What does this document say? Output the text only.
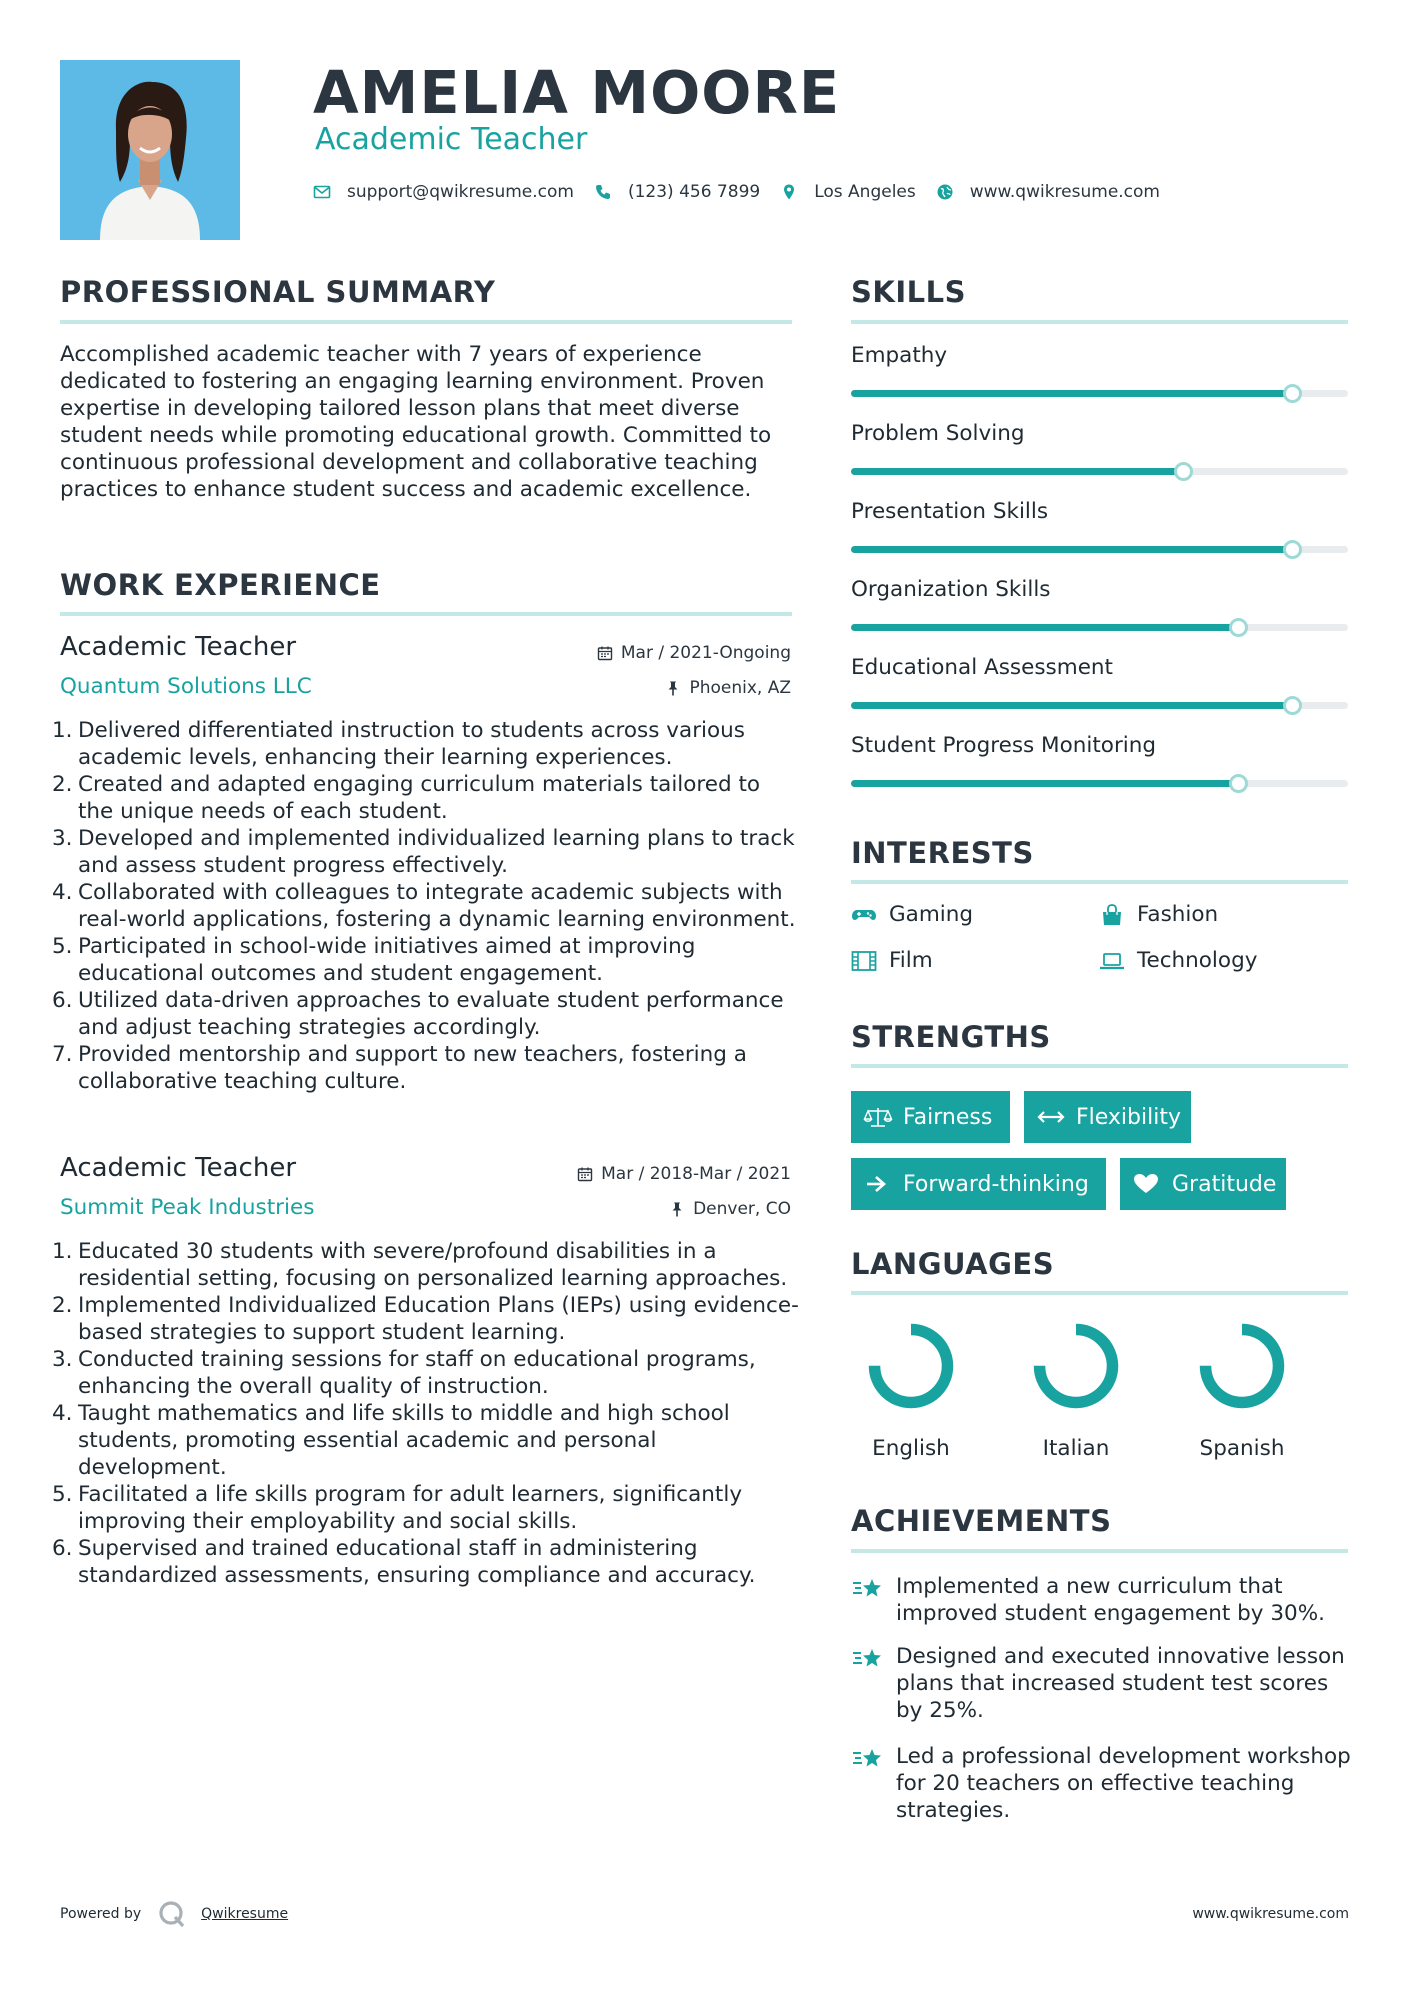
AMELIA MOORE
Academic Teacher
support@qwikresume.com	(123) 456 7899	Los Angeles	www.qwikresume.com
PROFESSIONAL SUMMARY
Accomplished academic teacher with 7 years of experience dedicated to fostering an engaging learning environment. Proven expertise in developing tailored lesson plans that meet diverse student needs while promoting educational growth. Committed to continuous professional development and collaborative teaching practices to enhance student success and academic excellence.
WORK EXPERIENCE
Academic Teacher	Mar / 2021-Ongoing
Quantum Solutions LLC	Phoenix, AZ
1. Delivered differentiated instruction to students across various academic levels, enhancing their learning experiences.
2. Created and adapted engaging curriculum materials tailored to the unique needs of each student.
3. Developed and implemented individualized learning plans to track and assess student progress effectively.
4. Collaborated with colleagues to integrate academic subjects with real-world applications, fostering a dynamic learning environment.
5. Participated in school-wide initiatives aimed at improving educational outcomes and student engagement.
6. Utilized data-driven approaches to evaluate student performance and adjust teaching strategies accordingly.
7. Provided mentorship and support to new teachers, fostering a collaborative teaching culture.
Academic Teacher	Mar / 2018-Mar / 2021
Summit Peak Industries	Denver, CO
1. Educated 30 students with severe/profound disabilities in a residential setting, focusing on personalized learning approaches.
2. Implemented Individualized Education Plans (IEPs) using evidence-based strategies to support student learning.
3. Conducted training sessions for staff on educational programs, enhancing the overall quality of instruction.
4. Taught mathematics and life skills to middle and high school students, promoting essential academic and personal development.
5. Facilitated a life skills program for adult learners, significantly improving their employability and social skills.
6. Supervised and trained educational staff in administering standardized assessments, ensuring compliance and accuracy.
SKILLS
Empathy
Problem Solving
Presentation Skills
Organization Skills
Educational Assessment
Student Progress Monitoring
INTERESTS
Gaming	Fashion
Film	Technology
STRENGTHS
Fairness	Flexibility
Forward-thinking	Gratitude
LANGUAGES
English	Italian	Spanish
ACHIEVEMENTS
Implemented a new curriculum that improved student engagement by 30%.
Designed and executed innovative lesson plans that increased student test scores by 25%.
Led a professional development workshop for 20 teachers on effective teaching strategies.
Powered by	Qwikresume	www.qwikresume.com
